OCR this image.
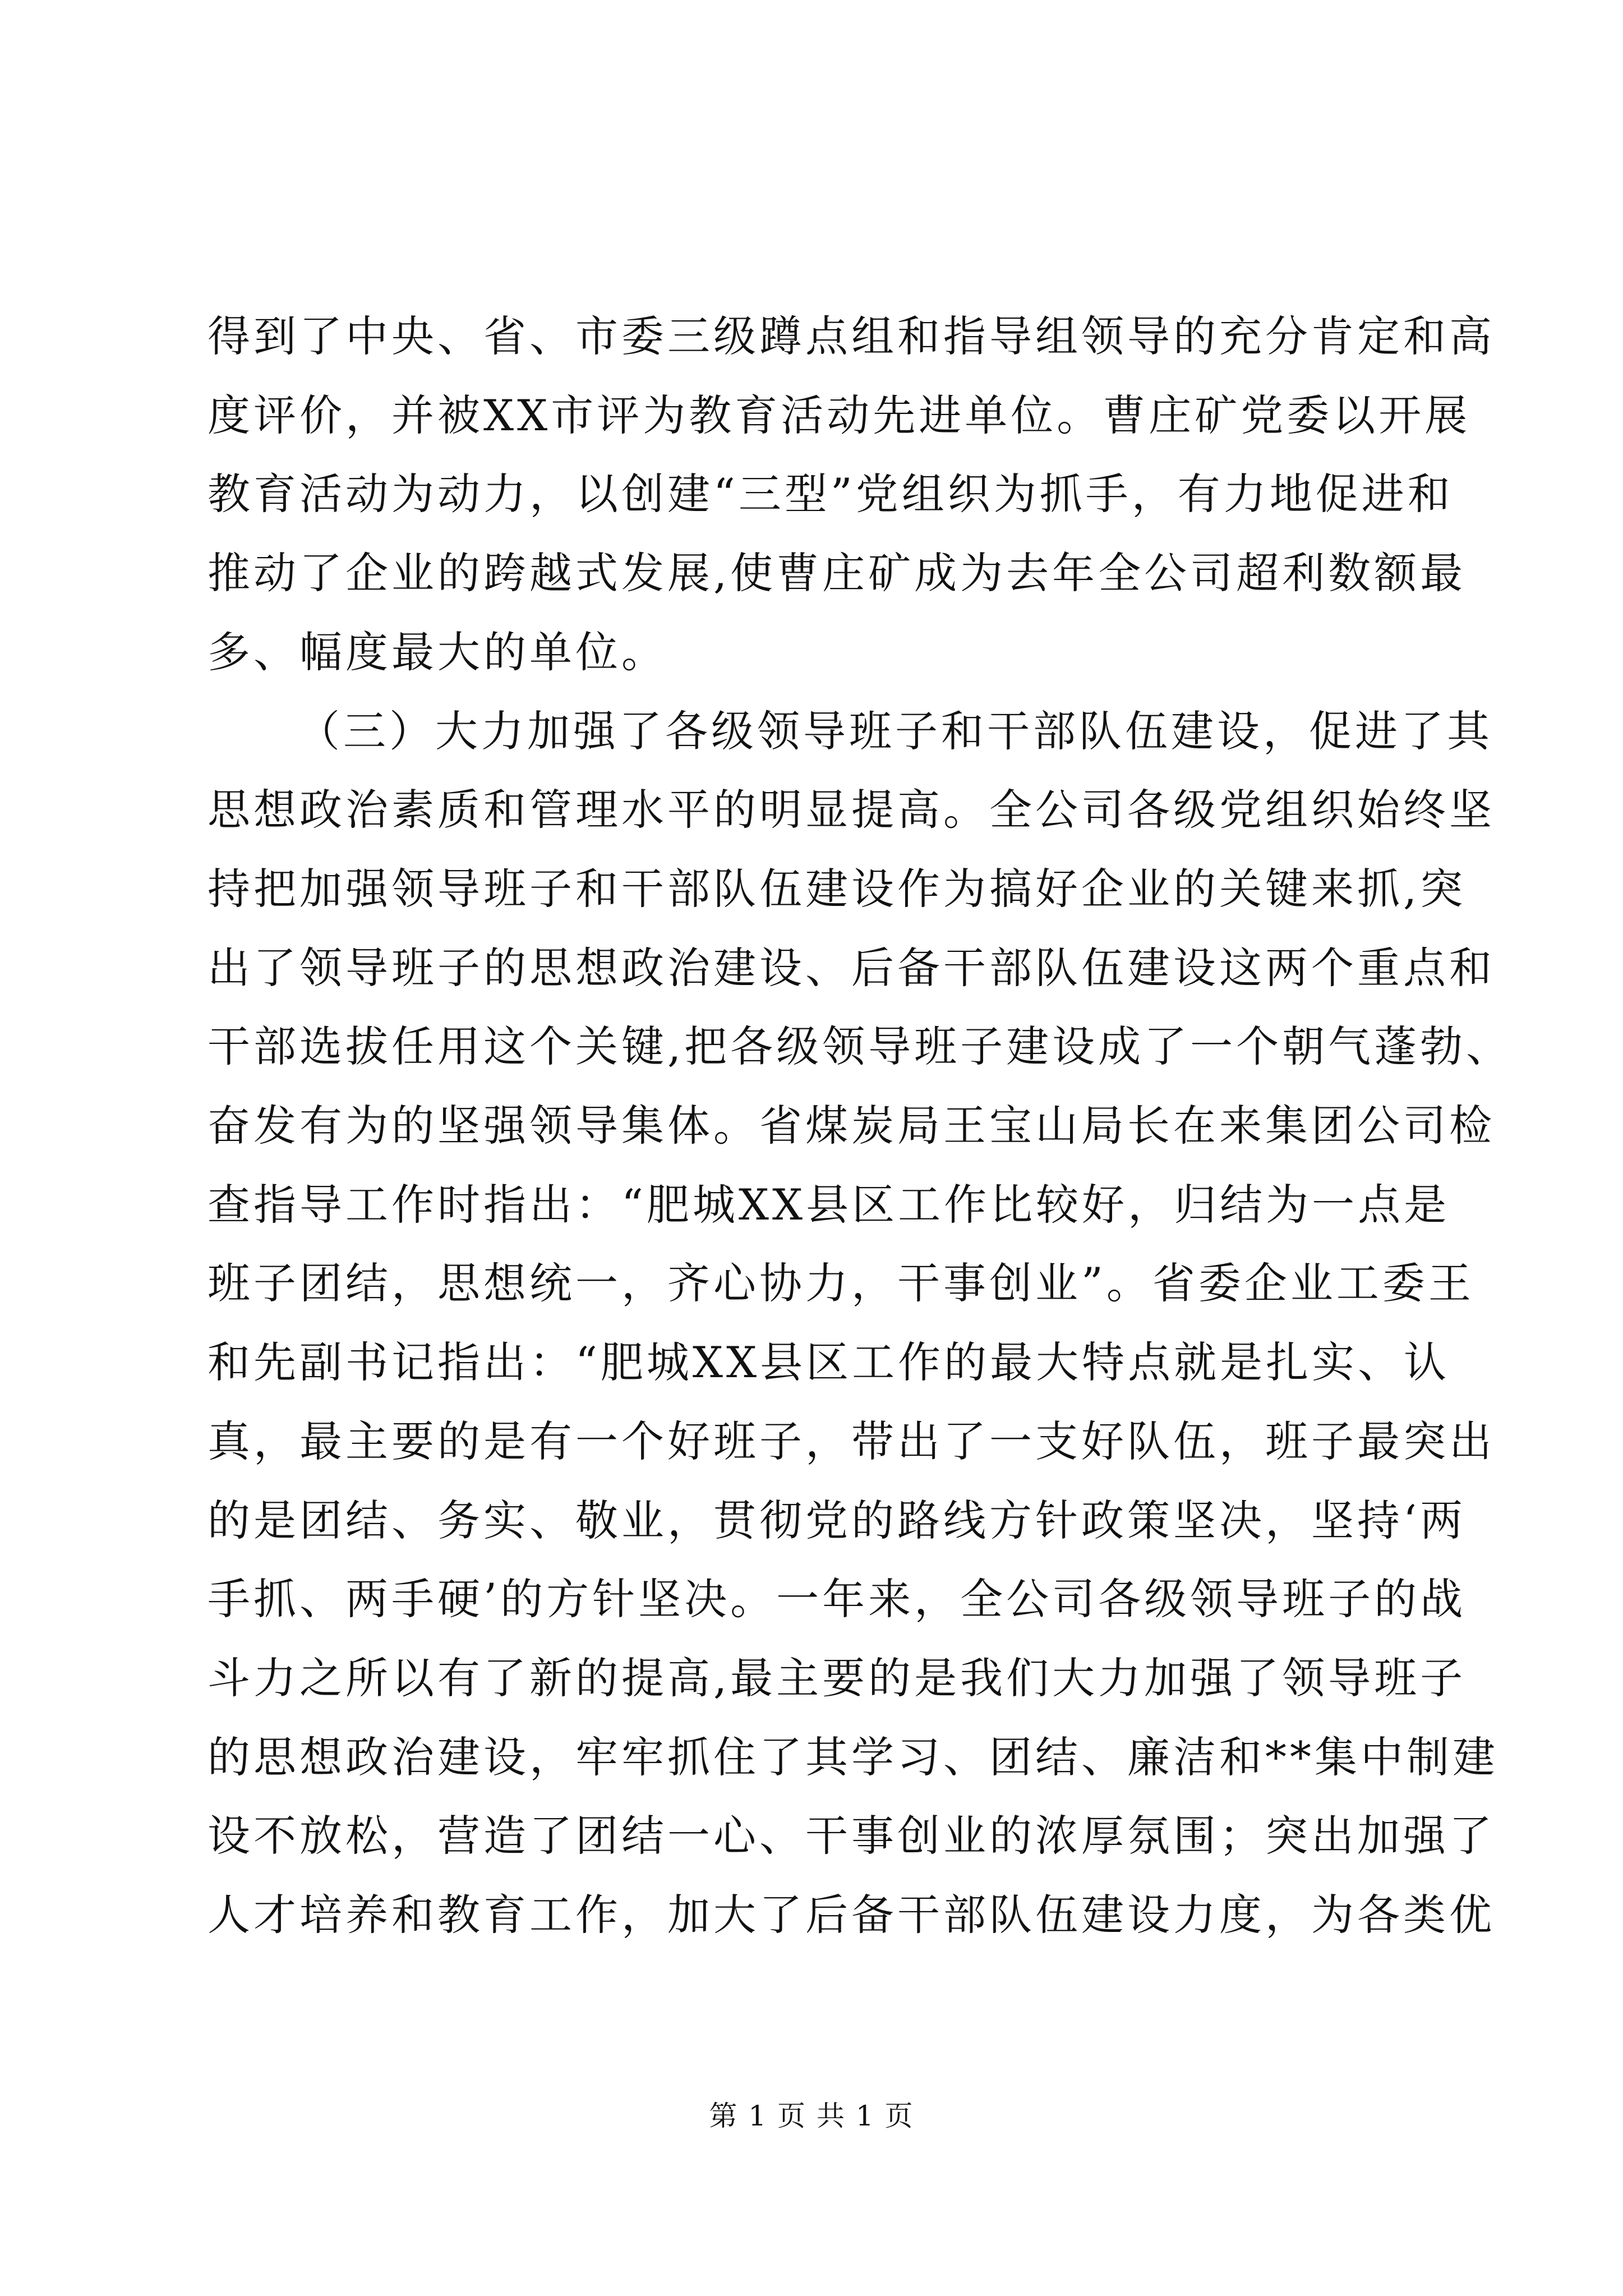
得到了中央、省、市委三级蹲点组和指导组领导的充分肯定和高
度评价，并被XX市评为教育活动先进单位。曹庄矿党委以开展
教育活动为动力，以创建“三型”党组织为抓手，有力地促进和
推动了企业的跨越式发展,使曹庄矿成为去年全公司超利数额最
多、幅度最大的单位。
（三）大力加强了各级领导班子和干部队伍建设，促进了其
思想政治素质和管理水平的明显提高。全公司各级党组织始终坚
持把加强领导班子和干部队伍建设作为搞好企业的关键来抓,突
出了领导班子的思想政治建设、后备干部队伍建设这两个重点和
干部选拔任用这个关键,把各级领导班子建设成了一个朝气蓬勃、
奋发有为的坚强领导集体。省煤炭局王宝山局长在来集团公司检
查指导工作时指出：“肥城XX县区工作比较好，归结为一点是
班子团结，思想统一，齐心协力，干事创业”。省委企业工委王
和先副书记指出：“肥城XX县区工作的最大特点就是扎实、认
真，最主要的是有一个好班子，带出了一支好队伍，班子最突出
的是团结、务实、敬业，贯彻党的路线方针政策坚决，坚持‘两
手抓、两手硬’的方针坚决。一年来，全公司各级领导班子的战
斗力之所以有了新的提高,最主要的是我们大力加强了领导班子
的思想政治建设，牢牢抓住了其学习、团结、廉洁和**集中制建
设不放松，营造了团结一心、干事创业的浓厚氛围；突出加强了
人才培养和教育工作，加大了后备干部队伍建设力度，为各类优
第 1 页 共 1 页
